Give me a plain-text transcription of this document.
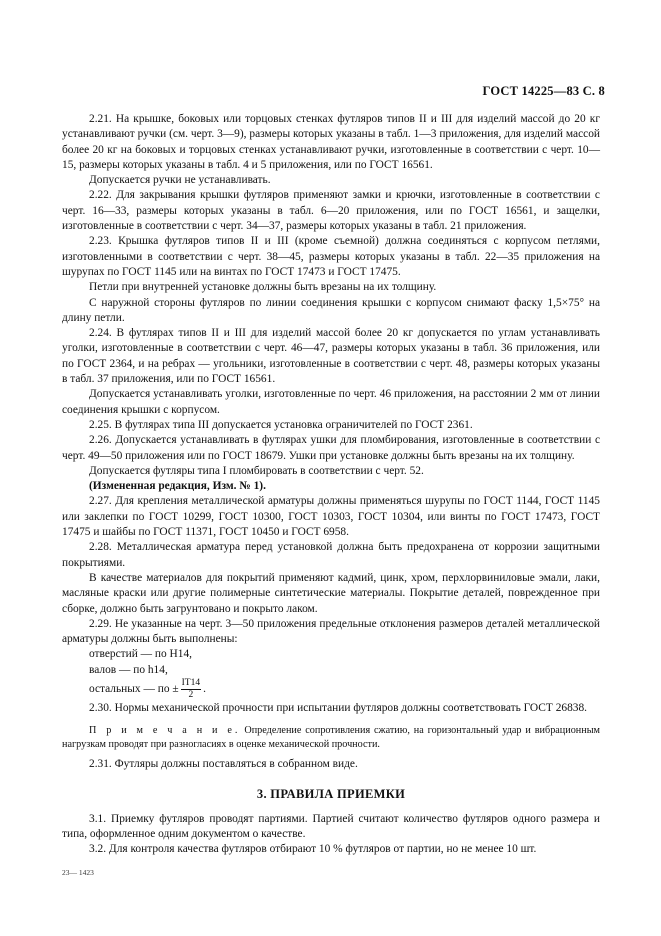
ГОСТ 14225—83 С. 8

2.21. На крышке, боковых или торцовых стенках футляров типов II и III для изделий массой до 20 кг устанавливают ручки (см. черт. 3—9), размеры которых указаны в табл. 1—3 приложения, для изделий массой более 20 кг на боковых и торцовых стенках устанавливают ручки, изготовленные в соответствии с черт. 10—15, размеры которых указаны в табл. 4 и 5 приложения, или по ГОСТ 16561.

Допускается ручки не устанавливать.

2.22. Для закрывания крышки футляров применяют замки и крючки, изготовленные в соответствии с черт. 16—33, размеры которых указаны в табл. 6—20 приложения, или по ГОСТ 16561, и защелки, изготовленные в соответствии с черт. 34—37, размеры которых указаны в табл. 21 приложения.

2.23. Крышка футляров типов II и III (кроме съемной) должна соединяться с корпусом петлями, изготовленными в соответствии с черт. 38—45, размеры которых указаны в табл. 22—35 приложения на шурупах по ГОСТ 1145 или на винтах по ГОСТ 17473 и ГОСТ 17475.

Петли при внутренней установке должны быть врезаны на их толщину.

С наружной стороны футляров по линии соединения крышки с корпусом снимают фаску 1,5×75° на длину петли.

2.24. В футлярах типов II и III для изделий массой более 20 кг допускается по углам устанавливать уголки, изготовленные в соответствии с черт. 46—47, размеры которых указаны в табл. 36 приложения, или по ГОСТ 2364, и на ребрах — угольники, изготовленные в соответствии с черт. 48, размеры которых указаны в табл. 37 приложения, или по ГОСТ 16561.

Допускается устанавливать уголки, изготовленные по черт. 46 приложения, на расстоянии 2 мм от линии соединения крышки с корпусом.

2.25. В футлярах типа III допускается установка ограничителей по ГОСТ 2361.

2.26. Допускается устанавливать в футлярах ушки для пломбирования, изготовленные в соответствии с черт. 49—50 приложения или по ГОСТ 18679. Ушки при установке должны быть врезаны на их толщину.

Допускается футляры типа I пломбировать в соответствии с черт. 52.

(Измененная редакция, Изм. № 1).

2.27. Для крепления металлической арматуры должны применяться шурупы по ГОСТ 1144, ГОСТ 1145 или заклепки по ГОСТ 10299, ГОСТ 10300, ГОСТ 10303, ГОСТ 10304, или винты по ГОСТ 17473, ГОСТ 17475 и шайбы по ГОСТ 11371, ГОСТ 10450 и ГОСТ 6958.

2.28. Металлическая арматура перед установкой должна быть предохранена от коррозии защитными покрытиями.

В качестве материалов для покрытий применяют кадмий, цинк, хром, перхлорвиниловые эмали, лаки, масляные краски или другие полимерные синтетические материалы. Покрытие деталей, поврежденное при сборке, должно быть загрунтовано и покрыто лаком.

2.29. Не указанные на черт. 3—50 приложения предельные отклонения размеров деталей металлической арматуры должны быть выполнены:

отверстий — по H14,

валов — по h14,

остальных — по ± $\frac{IT14}{2}$ .

2.30. Нормы механической прочности при испытании футляров должны соответствовать ГОСТ 26838.

П р и м е ч а н и е. Определение сопротивления сжатию, на горизонтальный удар и вибрационным нагрузкам проводят при разногласиях в оценке механической прочности.

2.31. Футляры должны поставляться в собранном виде.

3. ПРАВИЛА ПРИЕМКИ

3.1. Приемку футляров проводят партиями. Партией считают количество футляров одного размера и типа, оформленное одним документом о качестве.

3.2. Для контроля качества футляров отбирают 10 % футляров от партии, но не менее 10 шт.

23— 1423
